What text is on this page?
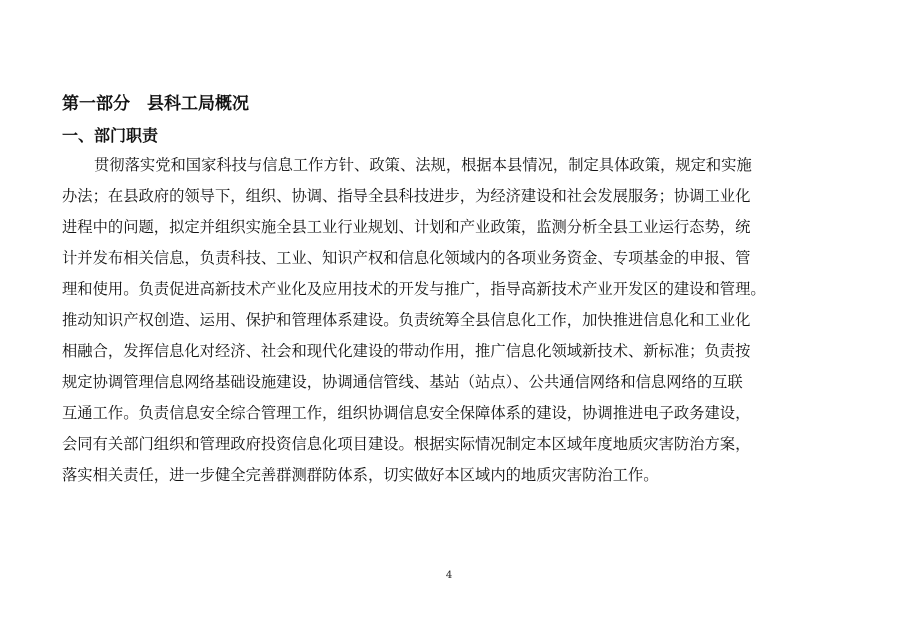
第一部分　县科工局概况
一、部门职责
贯彻落实党和国家科技与信息工作方针、政策、法规，根据本县情况，制定具体政策，规定和实施
办法；在县政府的领导下，组织、协调、指导全县科技进步，为经济建设和社会发展服务；协调工业化
进程中的问题，拟定并组织实施全县工业行业规划、计划和产业政策，监测分析全县工业运行态势，统
计并发布相关信息，负责科技、工业、知识产权和信息化领域内的各项业务资金、专项基金的申报、管
理和使用。负责促进高新技术产业化及应用技术的开发与推广，指导高新技术产业开发区的建设和管理。
推动知识产权创造、运用、保护和管理体系建设。负责统筹全县信息化工作，加快推进信息化和工业化
相融合，发挥信息化对经济、社会和现代化建设的带动作用，推广信息化领域新技术、新标准；负责按
规定协调管理信息网络基础设施建设，协调通信管线、基站（站点）、公共通信网络和信息网络的互联
互通工作。负责信息安全综合管理工作，组织协调信息安全保障体系的建设，协调推进电子政务建设，
会同有关部门组织和管理政府投资信息化项目建设。根据实际情况制定本区域年度地质灾害防治方案，
落实相关责任，进一步健全完善群测群防体系，切实做好本区域内的地质灾害防治工作。
4
